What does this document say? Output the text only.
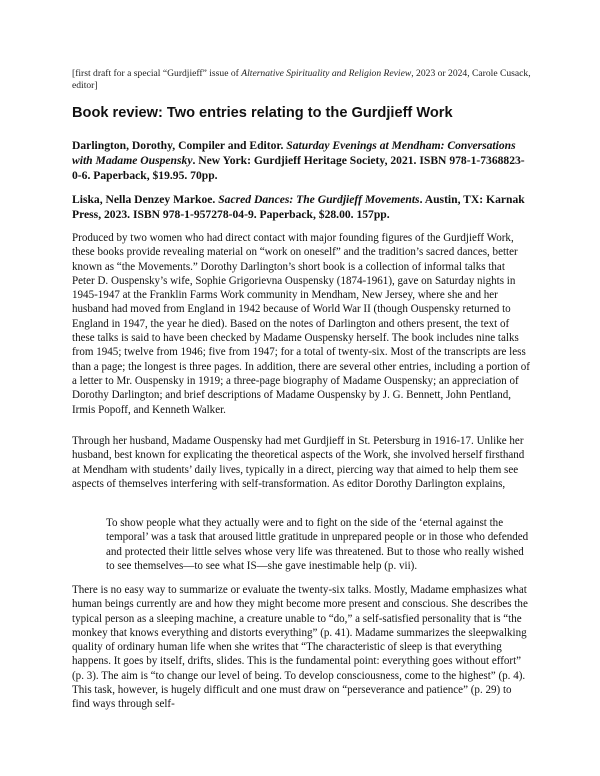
[first draft for a special “Gurdjieff” issue of Alternative Spirituality and Religion Review, 2023 or 2024, Carole Cusack, editor]
Book review: Two entries relating to the Gurdjieff Work
Darlington, Dorothy, Compiler and Editor. Saturday Evenings at Mendham: Conversations with Madame Ouspensky. New York: Gurdjieff Heritage Society, 2021. ISBN 978-1-7368823-0-6. Paperback, $19.95. 70pp.
Liska, Nella Denzey Markoe. Sacred Dances: The Gurdjieff Movements. Austin, TX: Karnak Press, 2023. ISBN 978-1-957278-04-9. Paperback, $28.00. 157pp.

Produced by two women who had direct contact with major founding figures of the Gurdjieff Work, these books provide revealing material on “work on oneself” and the tradition’s sacred dances, better known as “the Movements.” Dorothy Darlington’s short book is a collection of informal talks that Peter D. Ouspensky’s wife, Sophie Grigorievna Ouspensky (1874-1961), gave on Saturday nights in 1945-1947 at the Franklin Farms Work community in Mendham, New Jersey, where she and her husband had moved from England in 1942 because of World War II (though Ouspensky returned to England in 1947, the year he died). Based on the notes of Darlington and others present, the text of these talks is said to have been checked by Madame Ouspensky herself. The book includes nine talks from 1945; twelve from 1946; five from 1947; for a total of twenty-six. Most of the transcripts are less than a page; the longest is three pages. In addition, there are several other entries, including a portion of a letter to Mr. Ouspensky in 1919; a three-page biography of Madame Ouspensky; an appreciation of Dorothy Darlington; and brief descriptions of Madame Ouspensky by J. G. Bennett, John Pentland, Irmis Popoff, and Kenneth Walker.

Through her husband, Madame Ouspensky had met Gurdjieff in St. Petersburg in 1916-17. Unlike her husband, best known for explicating the theoretical aspects of the Work, she involved herself firsthand at Mendham with students’ daily lives, typically in a direct, piercing way that aimed to help them see aspects of themselves interfering with self-transformation. As editor Dorothy Darlington explains,

To show people what they actually were and to fight on the side of the ‘eternal against the temporal’ was a task that aroused little gratitude in unprepared people or in those who defended and protected their little selves whose very life was threatened. But to those who really wished to see themselves—to see what IS—she gave inestimable help (p. vii).

There is no easy way to summarize or evaluate the twenty-six talks. Mostly, Madame emphasizes what human beings currently are and how they might become more present and conscious. She describes the typical person as a sleeping machine, a creature unable to “do,” a self-satisfied personality that is “the monkey that knows everything and distorts everything” (p. 41). Madame summarizes the sleepwalking quality of ordinary human life when she writes that “The characteristic of sleep is that everything happens. It goes by itself, drifts, slides. This is the fundamental point: everything goes without effort” (p. 3). The aim is “to change our level of being. To develop consciousness, come to the highest” (p. 4). This task, however, is hugely difficult and one must draw on “perseverance and patience” (p. 29) to find ways through self-
